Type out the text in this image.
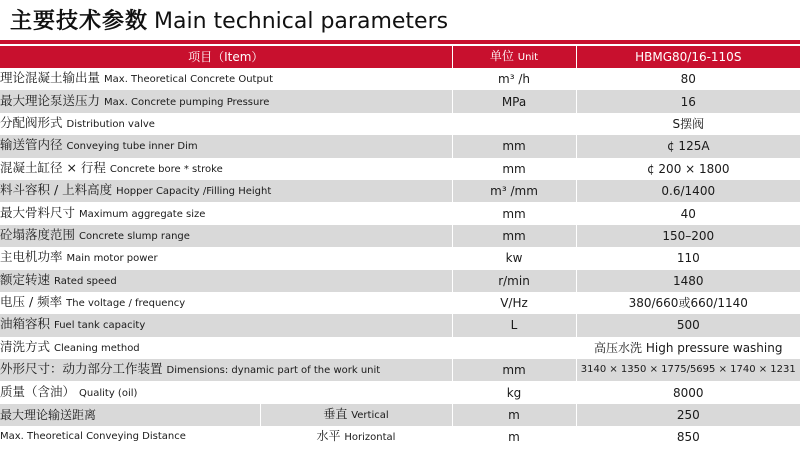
主要技术参数 Main technical parameters
项目（Item）		单位 Unit	HBMG80/16-110S
理论混凝土输出量 Max. Theoretical Concrete Output		m³ /h	80
最大理论泵送压力 Max. Concrete pumping Pressure		MPa	16
分配阀形式 Distribution valve			S摆阀
输送管内径 Conveying tube inner Dim		mm	¢ 125A
混凝土缸径 × 行程 Concrete bore * stroke		mm	¢ 200 × 1800
料斗容积 / 上料高度 Hopper Capacity /Filling Height		m³ /mm	0.6/1400
最大骨料尺寸 Maximum aggregate size		mm	40
砼塌落度范围 Concrete slump range		mm	150–200
主电机功率 Main motor power		kw	110
额定转速 Rated speed		r/min	1480
电压 / 频率 The voltage / frequency		V/Hz	380/660或660/1140
油箱容积 Fuel tank capacity		L	500
清洗方式 Cleaning method			高压水洗 High pressure washing
外形尺寸：动力部分工作装置 Dimensions: dynamic part of the work unit		mm	3140 × 1350 × 1775/5695 × 1740 × 1231
质量（含油） Quality (oil)		kg	8000
最大理论输送距离	垂直 Vertical	m	250
Max. Theoretical Conveying Distance	水平 Horizontal	m	850
